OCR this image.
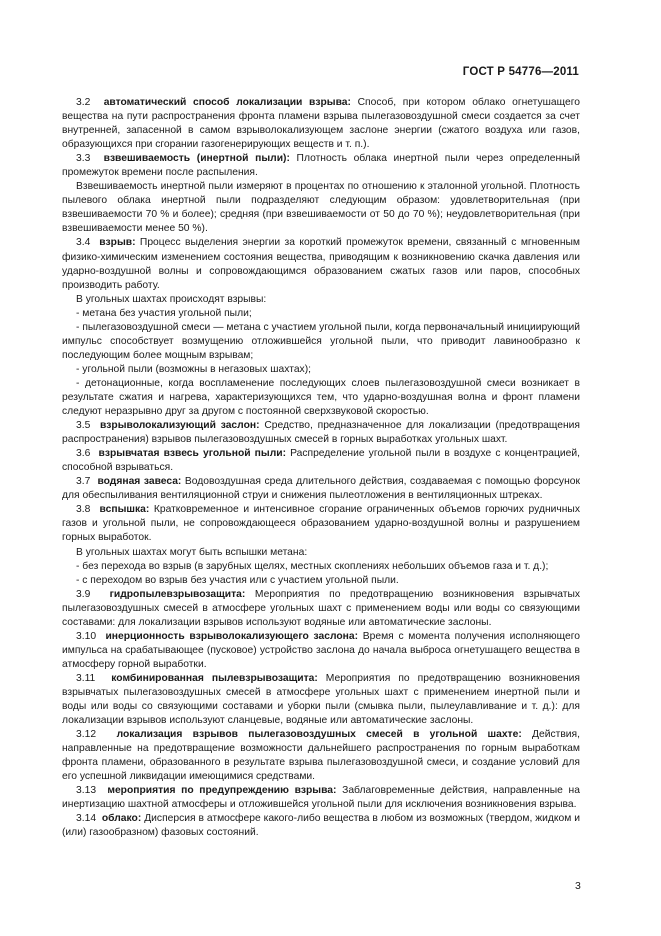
ГОСТ Р 54776—2011

3.2 автоматический способ локализации взрыва: Способ, при котором облако огнетушащего вещества на пути распространения фронта пламени взрыва пылегазовоздушной смеси создается за счет внутренней, запасенной в самом взрыволокализующем заслоне энергии (сжатого воздуха или газов, образующихся при сгорании газогенерирующих веществ и т. п.).

3.3 взвешиваемость (инертной пыли): Плотность облака инертной пыли через определенный промежуток времени после распыления.

Взвешиваемость инертной пыли измеряют в процентах по отношению к эталонной угольной. Плотность пылевого облака инертной пыли подразделяют следующим образом: удовлетворительная (при взвешиваемости 70 % и более); средняя (при взвешиваемости от 50 до 70 %); неудовлетворительная (при взвешиваемости менее 50 %).

3.4 взрыв: Процесс выделения энергии за короткий промежуток времени, связанный с мгновенным физико-химическим изменением состояния вещества, приводящим к возникновению скачка давления или ударно-воздушной волны и сопровождающимся образованием сжатых газов или паров, способных производить работу.

В угольных шахтах происходят взрывы:

- метана без участия угольной пыли;

- пылегазовоздушной смеси — метана с участием угольной пыли, когда первоначальный инициирующий импульс способствует возмущению отложившейся угольной пыли, что приводит лавинообразно к последующим более мощным взрывам;

- угольной пыли (возможны в негазовых шахтах);

- детонационные, когда воспламенение последующих слоев пылегазовоздушной смеси возникает в результате сжатия и нагрева, характеризующихся тем, что ударно-воздушная волна и фронт пламени следуют неразрывно друг за другом с постоянной сверхзвуковой скоростью.

3.5 взрыволокализующий заслон: Средство, предназначенное для локализации (предотвращения распространения) взрывов пылегазовоздушных смесей в горных выработках угольных шахт.

3.6 взрывчатая взвесь угольной пыли: Распределение угольной пыли в воздухе с концентрацией, способной взрываться.

3.7 водяная завеса: Водовоздушная среда длительного действия, создаваемая с помощью форсунок для обеспыливания вентиляционной струи и снижения пылеотложения в вентиляционных штреках.

3.8 вспышка: Кратковременное и интенсивное сгорание ограниченных объемов горючих рудничных газов и угольной пыли, не сопровождающееся образованием ударно-воздушной волны и разрушением горных выработок.

В угольных шахтах могут быть вспышки метана:

- без перехода во взрыв (в зарубных щелях, местных скоплениях небольших объемов газа и т. д.);

- с переходом во взрыв без участия или с участием угольной пыли.

3.9 гидропылевзрывозащита: Мероприятия по предотвращению возникновения взрывчатых пылегазовоздушных смесей в атмосфере угольных шахт с применением воды или воды со связующими составами: для локализации взрывов используют водяные или автоматические заслоны.

3.10 инерционность взрыволокализующего заслона: Время с момента получения исполняющего импульса на срабатывающее (пусковое) устройство заслона до начала выброса огнетушащего вещества в атмосферу горной выработки.

3.11 комбинированная пылевзрывозащита: Мероприятия по предотвращению возникновения взрывчатых пылегазовоздушных смесей в атмосфере угольных шахт с применением инертной пыли и воды или воды со связующими составами и уборки пыли (смывка пыли, пылеулавливание и т. д.): для локализации взрывов используют сланцевые, водяные или автоматические заслоны.

3.12 локализация взрывов пылегазовоздушных смесей в угольной шахте: Действия, направленные на предотвращение возможности дальнейшего распространения по горным выработкам фронта пламени, образованного в результате взрыва пылегазовоздушной смеси, и создание условий для его успешной ликвидации имеющимися средствами.

3.13 мероприятия по предупреждению взрыва: Заблаговременные действия, направленные на инертизацию шахтной атмосферы и отложившейся угольной пыли для исключения возникновения взрыва.

3.14 облако: Дисперсия в атмосфере какого-либо вещества в любом из возможных (твердом, жидком и (или) газообразном) фазовых состояний.

3
